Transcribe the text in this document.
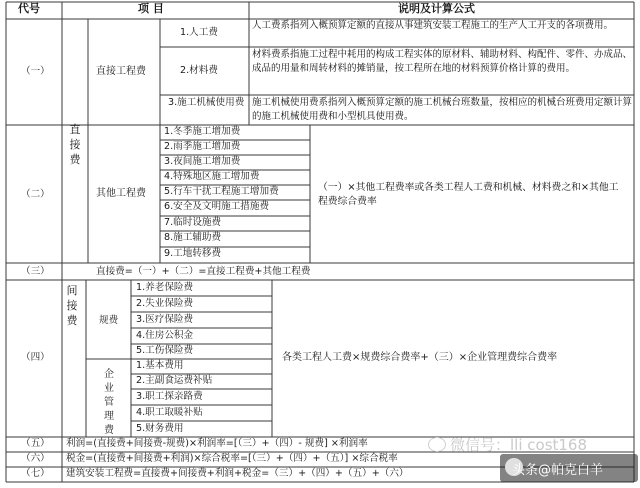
代号	项 目	说明及计算公式
（一）
（二）
（三）
（四）
（五）
（六）
（七）
直接费
直接工程费
1.人工费
2.材料费
3.施工机械使用费
人工费系指列入概预算定额的直接从事建筑安装工程施工的生产人工开支的各项费用。
材料费系指施工过程中耗用的构成工程实体的原材料、辅助材料、构配件、零件、办成品、成品的用量和周转材料的摊销量，按工程所在地的材料预算价格计算的费用。
施工机械使用费系指列入概预算定额的施工机械台班数量，按相应的机械台班费用定额计算的施工机械使用费和小型机具使用费。
其他工程费
1.冬季施工增加费
2.雨季施工增加费
3.夜间施工增加费
4.特殊地区施工增加费
5.行车干扰工程施工增加费
6.安全及文明施工措施费
7.临时设施费
8.施工辅助费
9.工地转移费
（一）×其他工程费率或各类工程人工费和机械、材料费之和×其他工程费综合费率
直接费=（一）+（二）=直接工程费+其他工程费
间接费 规费
企业管理费
1.养老保险费
2.失业保险费
3.医疗保险费
4.住房公积金
5.工伤保险费
1.基本费用
2.主副食运费补贴
3.职工探亲路费
4.职工取暖补贴
5.财务费用
各类工程人工费×规费综合费率+（三）×企业管理费综合费率
利润=(直接费+间接费-规费)×利润率=[（三）+（四）- 规费] ×利润率
税金=(直接费+间接费+利润)×综合税率=[（三）+（四）+（五）] ×综合税率
建筑安装工程费=直接费+间接费+利润+税金=（三）+（四）+（五）+（六）
微信号：lli cost168
头条@帕克白羊
